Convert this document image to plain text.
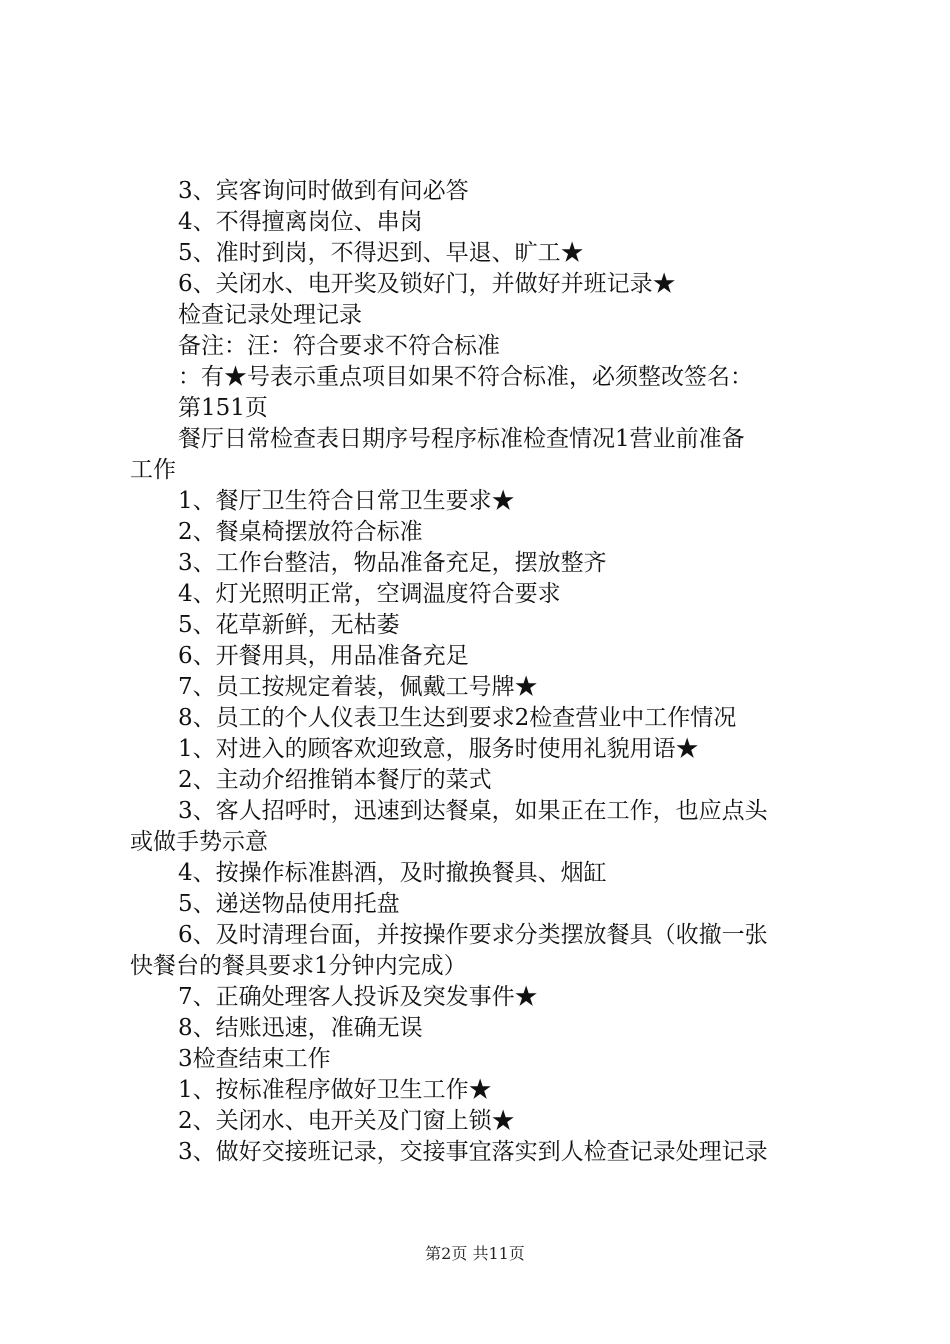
3、宾客询问时做到有问必答
4、不得擅离岗位、串岗
5、准时到岗，不得迟到、早退、旷工★
6、关闭水、电开奖及锁好门，并做好并班记录★
检查记录处理记录
备注：汪：符合要求不符合标准
：有★号表示重点项目如果不符合标准，必须整改签名：
第151页
餐厅日常检查表日期序号程序标准检查情况1营业前准备
工作
1、餐厅卫生符合日常卫生要求★
2、餐桌椅摆放符合标准
3、工作台整洁，物品准备充足，摆放整齐
4、灯光照明正常，空调温度符合要求
5、花草新鲜，无枯萎
6、开餐用具，用品准备充足
7、员工按规定着装，佩戴工号牌★
8、员工的个人仪表卫生达到要求2检查营业中工作情况
1、对进入的顾客欢迎致意，服务时使用礼貌用语★
2、主动介绍推销本餐厅的菜式
3、客人招呼时，迅速到达餐桌，如果正在工作，也应点头
或做手势示意
4、按操作标准斟酒，及时撤换餐具、烟缸
5、递送物品使用托盘
6、及时清理台面，并按操作要求分类摆放餐具（收撤一张
快餐台的餐具要求1分钟内完成）
7、正确处理客人投诉及突发事件★
8、结账迅速，准确无误
3检查结束工作
1、按标准程序做好卫生工作★
2、关闭水、电开关及门窗上锁★
3、做好交接班记录，交接事宜落实到人检查记录处理记录
第2页 共11页
